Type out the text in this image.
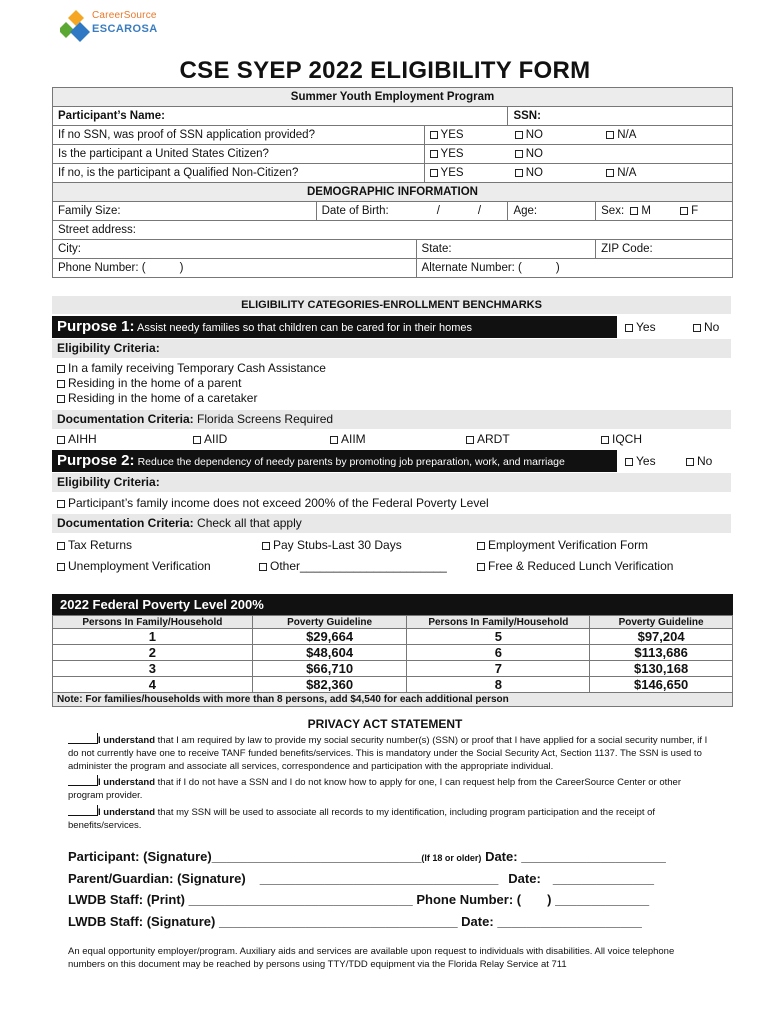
CareerSource
ESCAROSA
CSE SYEP 2022 ELIGIBILITY FORM
Summer Youth Employment Program					
Participant’s Name:				SSN:	
If no SSN, was proof of SSN application provided?			YES NO N/A		
Is the participant a United States Citizen?			YES NO		
If no, is the participant a Qualified Non-Citizen?			YES NO N/A		
DEMOGRAPHIC INFORMATION					
Family Size:	Date of Birth: / /			Age:	Sex: M F
Street address:					
City:		State:			ZIP Code:
Phone Number: ( )		Alternate Number: ( )			
ELIGIBILITY CATEGORIES-ENROLLMENT BENCHMARKS
Purpose 1: Assist needy families so that children can be cared for in their homes	Yes	No
Eligibility Criteria:
In a family receiving Temporary Cash Assistance
Residing in the home of a parent
Residing in the home of a caretaker
Documentation Criteria: Florida Screens Required
AIHH	AIID	AIIM	ARDT	IQCH
Purpose 2: Reduce the dependency of needy parents by promoting job preparation, work, and marriage	Yes	No
Eligibility Criteria:
Participant’s family income does not exceed 200% of the Federal Poverty Level
Documentation Criteria: Check all that apply
Tax Returns	Pay Stubs-Last 30 Days	Employment Verification Form
Unemployment Verification	Other______________________	Free & Reduced Lunch Verification
2022 Federal Poverty Level 200%
Persons In Family/Household	Poverty Guideline	Persons In Family/Household	Poverty Guideline
1	$29,664	5	$97,204
2	$48,604	6	$113,686
3	$66,710	7	$130,168
4	$82,360	8	$146,650
Note: For families/households with more than 8 persons, add $4,540 for each additional person
PRIVACY ACT STATEMENT
I understand that I am required by law to provide my social security number(s) (SSN) or proof that I have applied for a social security number, if I do not currently have one to receive TANF funded benefits/services. This is mandatory under the Social Security Act, Section 1137. The SSN is used to administer the program and associate all services, correspondence and participation with the appropriate individual.
I understand that if I do not have a SSN and I do not know how to apply for one, I can request help from the CareerSource Center or other program provider.
I understand that my SSN will be used to associate all records to my identification, including program participation and the receipt of benefits/services.
Participant: (Signature)_____________________________(If 18 or older) Date: ____________________
Parent/Guardian: (Signature) _________________________________ Date: ______________
LWDB Staff: (Print) _______________________________ Phone Number: ( ) _____________
LWDB Staff: (Signature) _________________________________ Date: ____________________
An equal opportunity employer/program. Auxiliary aids and services are available upon request to individuals with disabilities. All voice telephone numbers on this document may be reached by persons using TTY/TDD equipment via the Florida Relay Service at 711
